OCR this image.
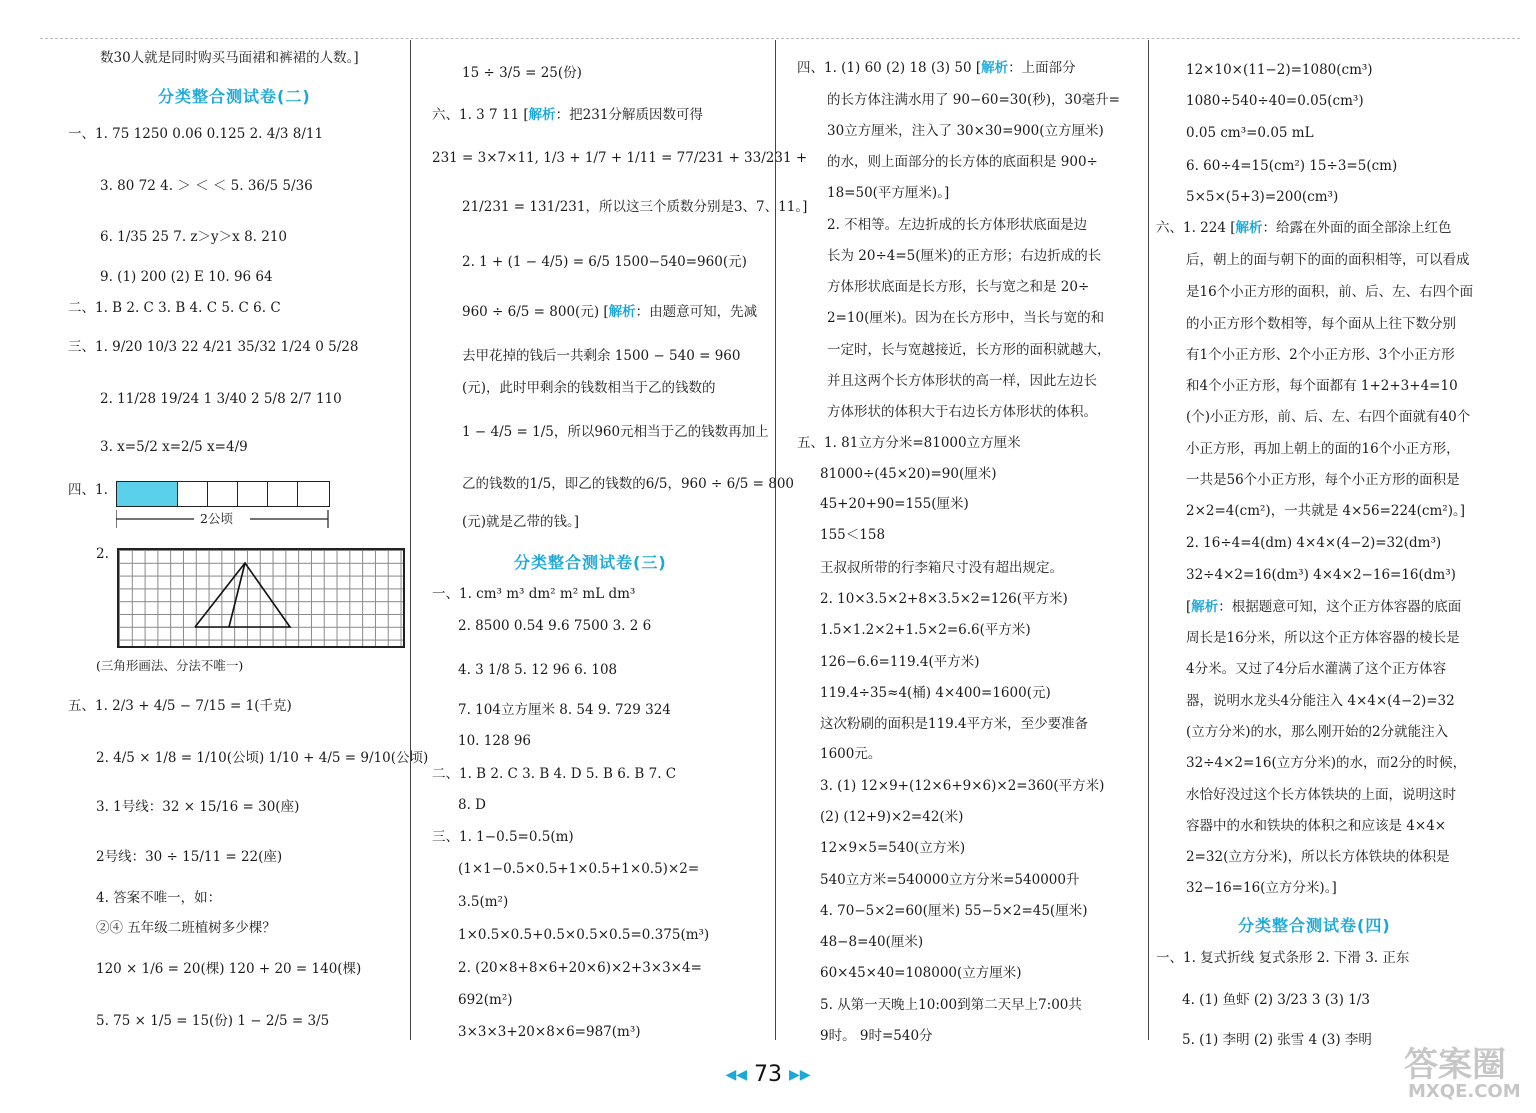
数30人就是同时购买马面裙和裤裙的人数。]
分类整合测试卷(二)
一、1. 75 1250 0.06 0.125 2. 4/3 8/11
3. 80 72 4. ＞ ＜ ＜ 5. 36/5 5/36
6. 1/35 25 7. z＞y＞x 8. 210
9. (1) 200 (2) E 10. 96 64
二、1. B 2. C 3. B 4. C 5. C 6. C
三、1. 9/20 10/3 22 4/21 35/32 1/24 0 5/28
2. 11/28 19/24 1 3/40 2 5/8 2/7 110
3. x=5/2 x=2/5 x=4/9
四、1.
2公顷
2.
(三角形画法、分法不唯一)
五、1. 2/3 + 4/5 − 7/15 = 1(千克)
2. 4/5 × 1/8 = 1/10(公顷) 1/10 + 4/5 = 9/10(公顷)
3. 1号线：32 × 15/16 = 30(座)
2号线：30 ÷ 15/11 = 22(座)
4. 答案不唯一，如：
②④ 五年级二班植树多少棵？
120 × 1/6 = 20(棵) 120 + 20 = 140(棵)
5. 75 × 1/5 = 15(份) 1 − 2/5 = 3/5
15 ÷ 3/5 = 25(份)
六、1. 3 7 11 [解析：把231分解质因数可得
231 = 3×7×11, 1/3 + 1/7 + 1/11 = 77/231 + 33/231 +
21/231 = 131/231，所以这三个质数分别是3、7、11。]
2. 1 + (1 − 4/5) = 6/5 1500−540=960(元)
960 ÷ 6/5 = 800(元) [解析：由题意可知，先减
去甲花掉的钱后一共剩余 1500 − 540 = 960
(元)，此时甲剩余的钱数相当于乙的钱数的
1 − 4/5 = 1/5，所以960元相当于乙的钱数再加上
乙的钱数的1/5，即乙的钱数的6/5，960 ÷ 6/5 = 800
(元)就是乙带的钱。]
分类整合测试卷(三)
一、1. cm³ m³ dm² m² mL dm³
2. 8500 0.54 9.6 7500 3. 2 6
4. 3 1/8 5. 12 96 6. 108
7. 104立方厘米 8. 54 9. 729 324
10. 128 96
二、1. B 2. C 3. B 4. D 5. B 6. B 7. C
8. D
三、1. 1−0.5=0.5(m)
(1×1−0.5×0.5+1×0.5+1×0.5)×2=
3.5(m²)
1×0.5×0.5+0.5×0.5×0.5=0.375(m³)
2. (20×8+8×6+20×6)×2+3×3×4=
692(m²)
3×3×3+20×8×6=987(m³)
四、1. (1) 60 (2) 18 (3) 50 [解析：上面部分
的长方体注满水用了 90−60=30(秒)，30毫升=
30立方厘米，注入了 30×30=900(立方厘米)
的水，则上面部分的长方体的底面积是 900÷
18=50(平方厘米)。]
2. 不相等。左边折成的长方体形状底面是边
长为 20÷4=5(厘米)的正方形；右边折成的长
方体形状底面是长方形，长与宽之和是 20÷
2=10(厘米)。因为在长方形中，当长与宽的和
一定时，长与宽越接近，长方形的面积就越大，
并且这两个长方体形状的高一样，因此左边长
方体形状的体积大于右边长方体形状的体积。
五、1. 81立方分米=81000立方厘米
81000÷(45×20)=90(厘米)
45+20+90=155(厘米)
155＜158
王叔叔所带的行李箱尺寸没有超出规定。
2. 10×3.5×2+8×3.5×2=126(平方米)
1.5×1.2×2+1.5×2=6.6(平方米)
126−6.6=119.4(平方米)
119.4÷35≈4(桶) 4×400=1600(元)
这次粉刷的面积是119.4平方米，至少要准备
1600元。
3. (1) 12×9+(12×6+9×6)×2=360(平方米)
(2) (12+9)×2=42(米)
12×9×5=540(立方米)
540立方米=540000立方分米=540000升
4. 70−5×2=60(厘米) 55−5×2=45(厘米)
48−8=40(厘米)
60×45×40=108000(立方厘米)
5. 从第一天晚上10:00到第二天早上7:00共
9时。 9时=540分
12×10×(11−2)=1080(cm³)
1080÷540÷40=0.05(cm³)
0.05 cm³=0.05 mL
6. 60÷4=15(cm²) 15÷3=5(cm)
5×5×(5+3)=200(cm³)
六、1. 224 [解析：给露在外面的面全部涂上红色
后，朝上的面与朝下的面的面积相等，可以看成
是16个小正方形的面积，前、后、左、右四个面
的小正方形个数相等，每个面从上往下数分别
有1个小正方形、2个小正方形、3个小正方形
和4个小正方形，每个面都有 1+2+3+4=10
(个)小正方形，前、后、左、右四个面就有40个
小正方形，再加上朝上的面的16个小正方形，
一共是56个小正方形，每个小正方形的面积是
2×2=4(cm²)，一共就是 4×56=224(cm²)。]
2. 16÷4=4(dm) 4×4×(4−2)=32(dm³)
32÷4×2=16(dm³) 4×4×2−16=16(dm³)
[解析：根据题意可知，这个正方体容器的底面
周长是16分米，所以这个正方体容器的棱长是
4分米。又过了4分后水灌满了这个正方体容
器，说明水龙头4分能注入 4×4×(4−2)=32
(立方分米)的水，那么刚开始的2分就能注入
32÷4×2=16(立方分米)的水，而2分的时候，
水恰好没过这个长方体铁块的上面，说明这时
容器中的水和铁块的体积之和应该是 4×4×
2=32(立方分米)，所以长方体铁块的体积是
32−16=16(立方分米)。]
分类整合测试卷(四)
一、1. 复式折线 复式条形 2. 下滑 3. 正东
4. (1) 鱼虾 (2) 3/23 3 (3) 1/3
5. (1) 李明 (2) 张雪 4 (3) 李明
◀◀ 73 ▶▶	答案圈
MXQE.COM
